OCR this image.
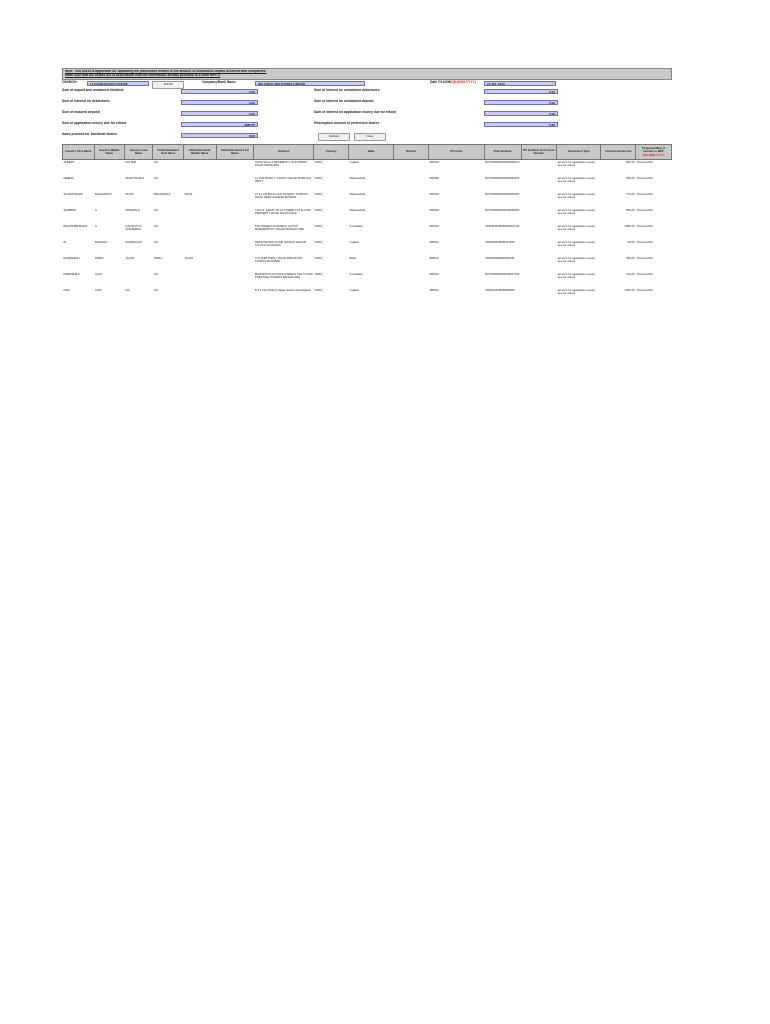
Note: This sheet is applicable for uploading the particulars related to the amount of unclaimed/ unpaid dividend with companies.
Make sure that the details are in accordance with the information already provided in e-form IEPF-2
CIN/BCIN	L17110MH1973PLC019786	Pre-fill	Company/Bank Name	RELIANCE INDUSTRIES LIMITED	Date Of AGM(DD-MON-YYYY)	21-JUL-2010
Sum of unpaid and unclaimed dividend	0.00	Sum of interest on unmatured debentures	0.00
Sum of interest on debentures	0.00	Sum of interest on unmatured deposit	0.00
Sum of matured deposit	0.00	Sum of interest on application money due for refund	0.00
Sum of application money due for refund	4985.00	Redemption amount of preference shares	0.00
Sales proceed for fractional shares	0.00	Validate	Clear
Investor First Name	Investor Middle Name	Investor Last Name	Father/Husband First Name	Father/Husband Middle Name	Father/Husband Last Name	Address	Country	State	District	Pin Code	Folio Number	DP Id-Client Id-Account Number	Investment Type	Amount transferred	Proposed Date of transfer to IEPF
(DD-MON-YYYY)
ALBERT		FALTER	NA			SONA VILLA 1 RESIDENCY OLD PADRA ROAD VADODARA	INDIA	Gujarat		390020	RIT0100000000000026070		Amount for application money due for refund	900.00	19-Feb-2019
MEENA		SHAHTAGRAL	NA			12 THE ROAD 7 VISHNU NAGAR BORIVALI WEST	INDIA	Maharashtra		400092	RIT0100000000000028403		Amount for application money due for refund	250.00	19-Feb-2019
SILVERTHAVAI	BHAGWANJI	SONA	BHAGWANJI	SONA		27 LA LALBAUG OLD RAILWAY STATION ROAD NEAR GANESH MANDIR	INDIA	Maharashtra		400002	RIT0100000000000029460		Amount for application money due for refund	770.00	19-Feb-2019
SHABBIR	S	PIPEWALA	NA			7/4 R.S. DAKAT VILLA TOWER 1ST FLOOR PROPERTY ROAD SANTACRUZ	INDIA	Maharashtra		400054	RIT0100000000000030650		Amount for application money due for refund	585.00	19-Feb-2019
BALASUBRAMANI	S	KALIMUTHU ANNAMMAL	NA			5TH STREET ANJANEYA LAYOUT RAMAMURTHY NAGAR BANGALORE	INDIA	Karnataka		560016	IN30023910000000162744		Amount for application money due for refund	2095.00	19-Feb-2019
M	BUGALIA	RODNAGAR	NA			NEAR PETROL PUMP GANDHI NAGAR TALUKA VAGHODIA	INDIA	Gujarat		390001	IN30039910000001990		Amount for application money due for refund	95.00	19-Feb-2019
DHARMESH	DIPALI	JALAN	DIPALI	JALAN		C/O SHRI DIPALI JALAN BIRA ROAD KATRAS DHANBAD	INDIA	Bihar		828113	IN30045000000000011		Amount for application money due for refund	390.00	19-Feb-2019
PREMSHILA	ALAN		NA			MARKETING DIVISION KERALA 5TH FLOOR PRESTIGE TOWERS BANGALORE	INDIA	Karnataka		560001	RIT0100000000000047762		Amount for application money due for refund	120.00	19-Feb-2019
ISHA	SUNI	NA	NA			B-5 L Opp Shanty Nagar Sector-Ahmedabad	INDIA	Gujarat		380001	IN30102240000068000		Amount for application money due for refund	1625.00	19-Feb-2019
